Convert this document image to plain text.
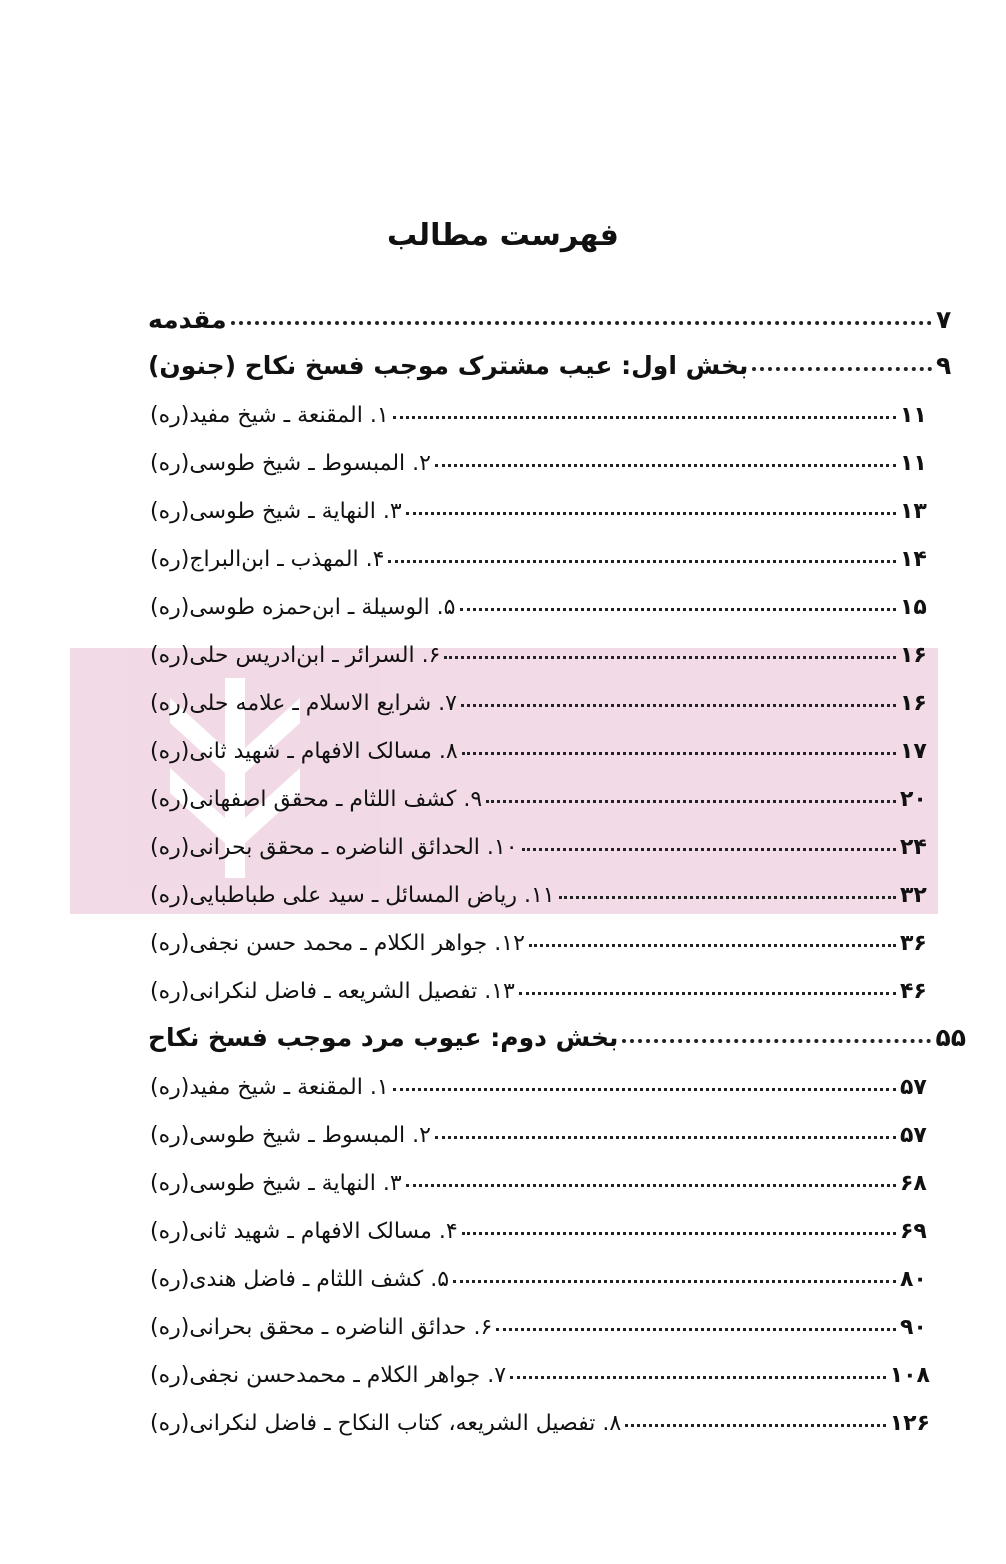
فهرست مطالب
مقدمه	۷
بخش اول: عیب مشترک موجب فسخ نکاح (جنون)	۹
۱. المقنعة ـ شیخ مفید(ره)	۱۱
۲. المبسوط ـ شیخ طوسی(ره)	۱۱
۳. النهایة ـ شیخ طوسی(ره)	۱۳
۴. المهذب ـ ابن‌البراج(ره)	۱۴
۵. الوسیلة ـ ابن‌حمزه طوسی(ره)	۱۵
۶. السرائر ـ ابن‌ادریس حلی(ره)	۱۶
۷. شرایع الاسلام ـ علامه حلی(ره)	۱۶
۸. مسالک الافهام ـ شهید ثانی(ره)	۱۷
۹. کشف اللثام ـ محقق اصفهانی(ره)	۲۰
۱۰. الحدائق الناضره ـ محقق بحرانی(ره)	۲۴
۱۱. ریاض المسائل ـ سید علی طباطبایی(ره)	۳۲
۱۲. جواهر الکلام ـ محمد حسن نجفی(ره)	۳۶
۱۳. تفصیل الشریعه ـ فاضل لنکرانی(ره)	۴۶
بخش دوم: عیوب مرد موجب فسخ نکاح	۵۵
۱. المقنعة ـ شیخ مفید(ره)	۵۷
۲. المبسوط ـ شیخ طوسی(ره)	۵۷
۳. النهایة ـ شیخ طوسی(ره)	۶۸
۴. مسالک الافهام ـ شهید ثانی(ره)	۶۹
۵. کشف اللثام ـ فاضل هندی(ره)	۸۰
۶. حدائق الناضره ـ محقق بحرانی(ره)	۹۰
۷. جواهر الکلام ـ محمدحسن نجفی(ره)	۱۰۸
۸. تفصیل الشریعه، کتاب النکاح ـ فاضل لنکرانی(ره)	۱۲۶
